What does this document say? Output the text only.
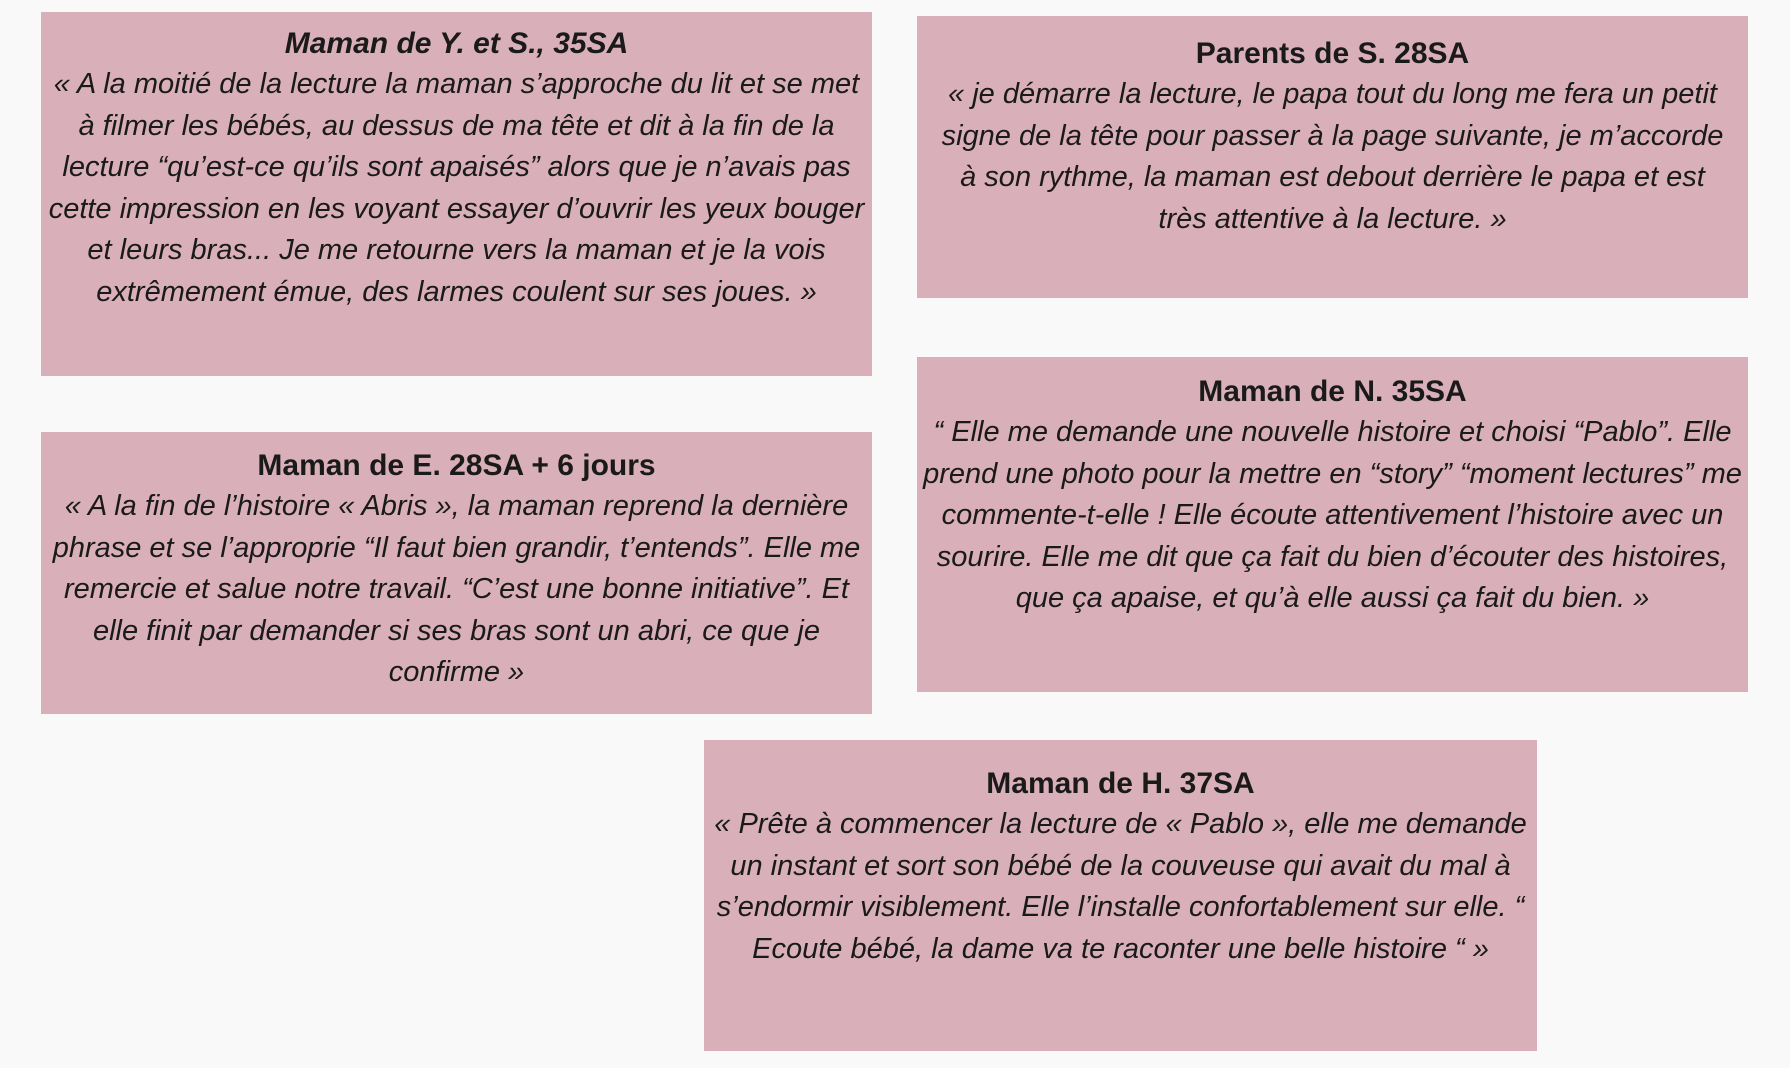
Maman de Y. et S., 35SA

« A la moitié de la lecture la maman s’approche du lit et se met à filmer les bébés, au dessus de ma tête et dit à la fin de la lecture “qu’est-ce qu’ils sont apaisés” alors que je n’avais pas cette impression en les voyant essayer d’ouvrir les yeux bouger et leurs bras... Je me retourne vers la maman et je la vois extrêmement émue, des larmes coulent sur ses joues. »

Parents de S. 28SA

« je démarre la lecture, le papa tout du long me fera un petit signe de la tête pour passer à la page suivante, je m’accorde à son rythme, la maman est debout derrière le papa et est très attentive à la lecture. »

Maman de E. 28SA + 6 jours

« A la fin de l’histoire « Abris », la maman reprend la dernière phrase et se l’approprie “Il faut bien grandir, t’entends”. Elle me remercie et salue notre travail. “C’est une bonne initiative”. Et elle finit par demander si ses bras sont un abri, ce que je confirme »

Maman de N. 35SA

“ Elle me demande une nouvelle histoire et choisi “Pablo”. Elle prend une photo pour la mettre en “story” “moment lectures” me commente-t-elle ! Elle écoute attentivement l’histoire avec un sourire. Elle me dit que ça fait du bien d’écouter des histoires, que ça apaise, et qu’à elle aussi ça fait du bien. »

Maman de H. 37SA

« Prête à commencer la lecture de « Pablo », elle me demande un instant et sort son bébé de la couveuse qui avait du mal à s’endormir visiblement. Elle l’installe confortablement sur elle. “ Ecoute bébé, la dame va te raconter une belle histoire “ »
